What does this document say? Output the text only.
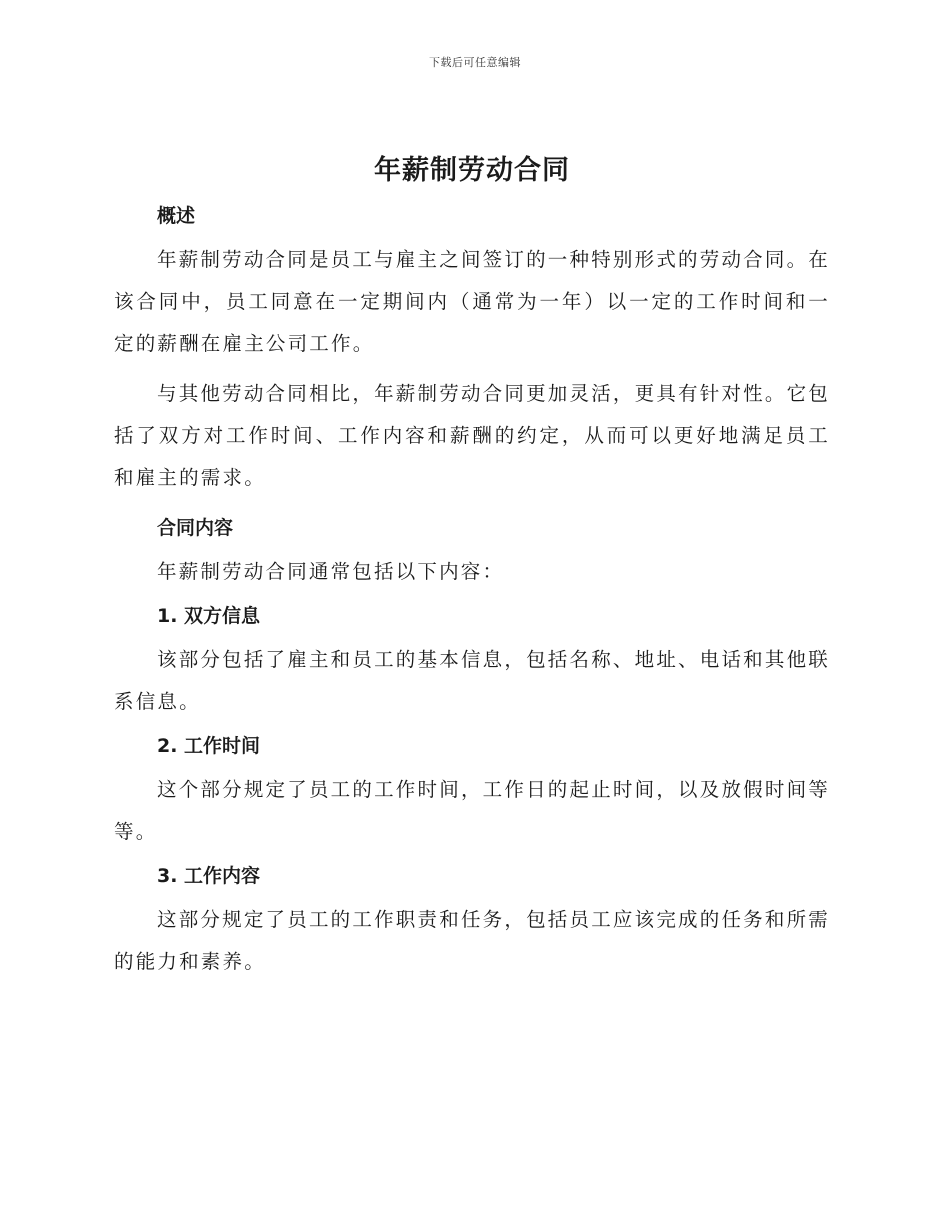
下载后可任意编辑
年薪制劳动合同
概述

年薪制劳动合同是员工与雇主之间签订的一种特别形式的劳动合同。在该合同中，员工同意在一定期间内（通常为一年）以一定的工作时间和一定的薪酬在雇主公司工作。

与其他劳动合同相比，年薪制劳动合同更加灵活，更具有针对性。它包括了双方对工作时间、工作内容和薪酬的约定，从而可以更好地满足员工和雇主的需求。

合同内容

年薪制劳动合同通常包括以下内容：

1. 双方信息

该部分包括了雇主和员工的基本信息，包括名称、地址、电话和其他联系信息。

2. 工作时间

这个部分规定了员工的工作时间，工作日的起止时间，以及放假时间等等。

3. 工作内容

这部分规定了员工的工作职责和任务，包括员工应该完成的任务和所需的能力和素养。
